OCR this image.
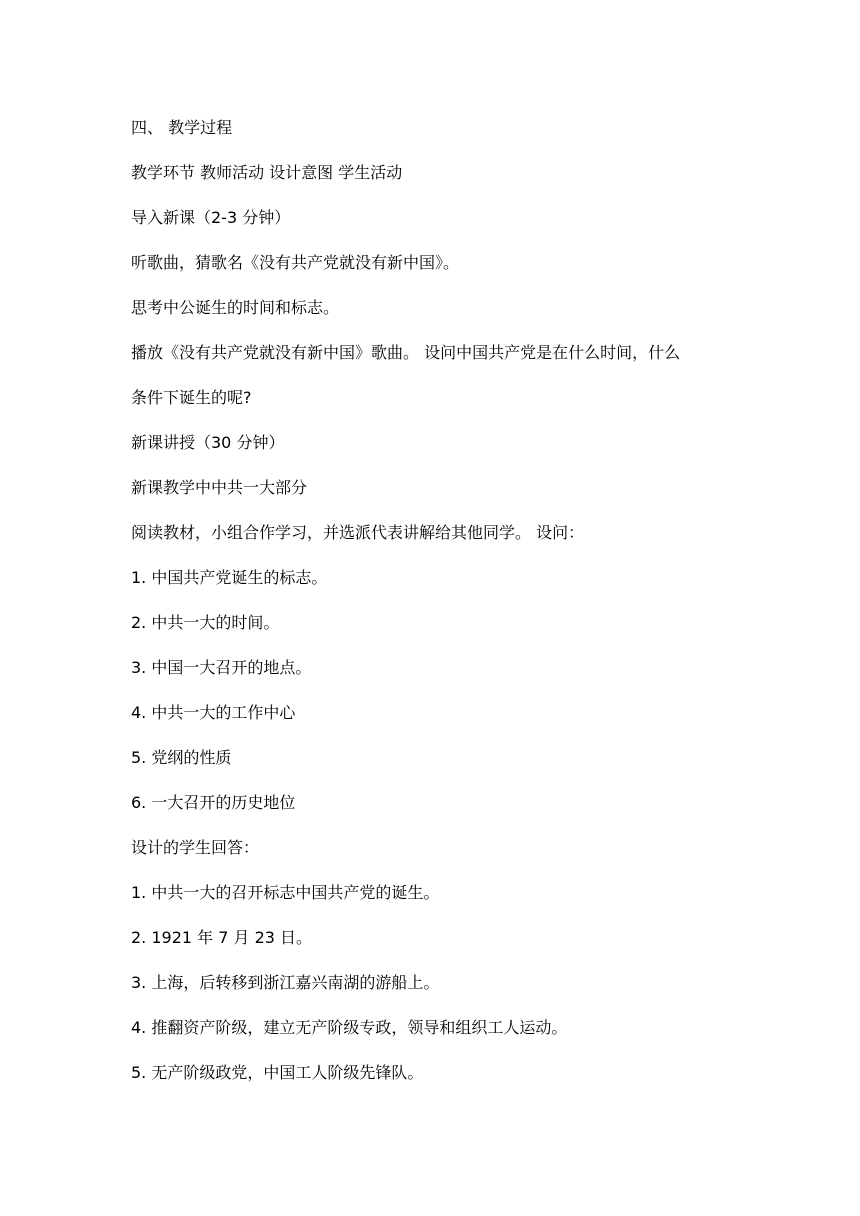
四、 教学过程
教学环节 教师活动 设计意图 学生活动
导入新课（2-3 分钟）
听歌曲，猜歌名《没有共产党就没有新中国》。
思考中公诞生的时间和标志。
播放《没有共产党就没有新中国》歌曲。 设问中国共产党是在什么时间，什么
条件下诞生的呢?
新课讲授（30 分钟）
新课教学中中共一大部分
阅读教材，小组合作学习，并选派代表讲解给其他同学。 设问：
1. 中国共产党诞生的标志。
2. 中共一大的时间。
3. 中国一大召开的地点。
4. 中共一大的工作中心
5. 党纲的性质
6. 一大召开的历史地位
设计的学生回答：
1. 中共一大的召开标志中国共产党的诞生。
2. 1921 年 7 月 23 日。
3. 上海，后转移到浙江嘉兴南湖的游船上。
4. 推翻资产阶级，建立无产阶级专政，领导和组织工人运动。
5. 无产阶级政党，中国工人阶级先锋队。
